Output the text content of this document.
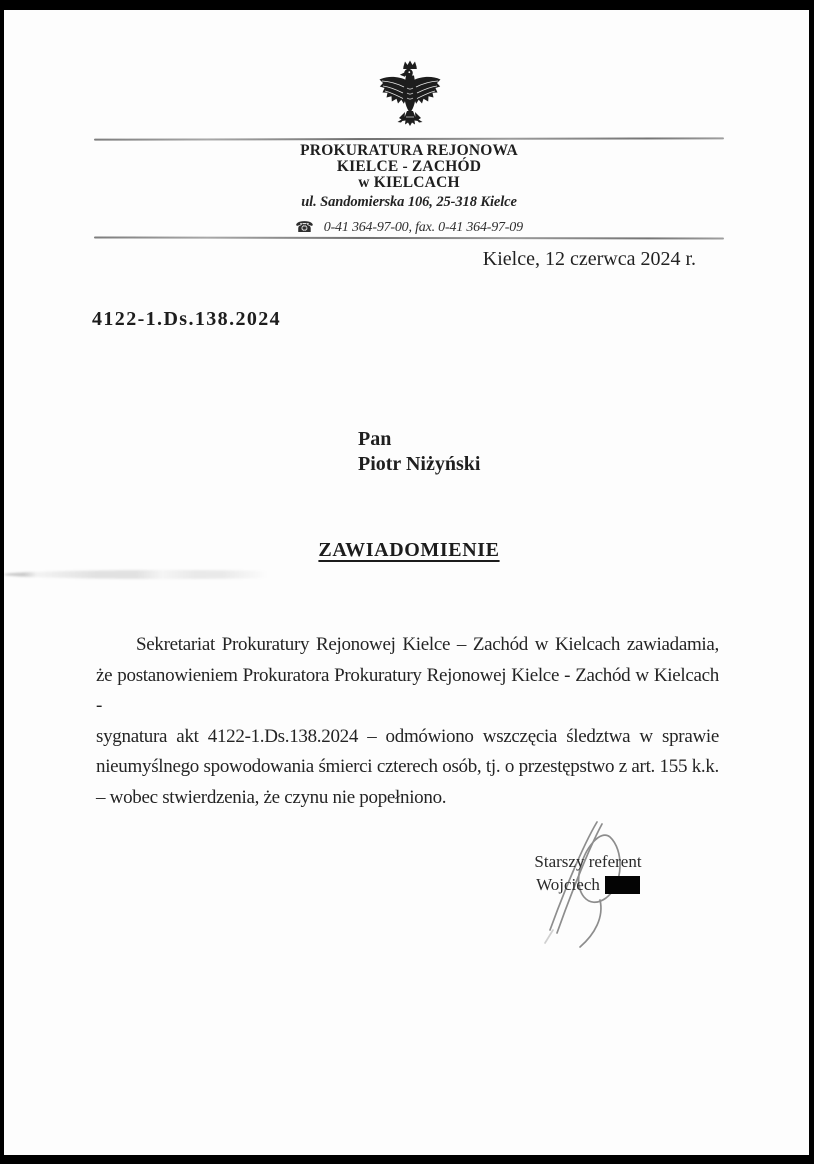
PROKURATURA REJONOWA
KIELCE - ZACHÓD
w KIELCACH
ul. Sandomierska 106, 25-318 Kielce
☎ 0-41 364-97-00, fax. 0-41 364-97-09
Kielce, 12 czerwca 2024 r.
4122-1.Ds.138.2024
Pan
Piotr Niżyński
ZAWIADOMIENIE
Sekretariat Prokuratury Rejonowej Kielce – Zachód w Kielcach zawiadamia,
że postanowieniem Prokuratora Prokuratury Rejonowej Kielce - Zachód w Kielcach -
sygnatura akt 4122-1.Ds.138.2024 – odmówiono wszczęcia śledztwa w sprawie
nieumyślnego spowodowania śmierci czterech osób, tj. o przestępstwo z art. 155 k.k.
– wobec stwierdzenia, że czynu nie popełniono.
Starszy referent
Wojciech
